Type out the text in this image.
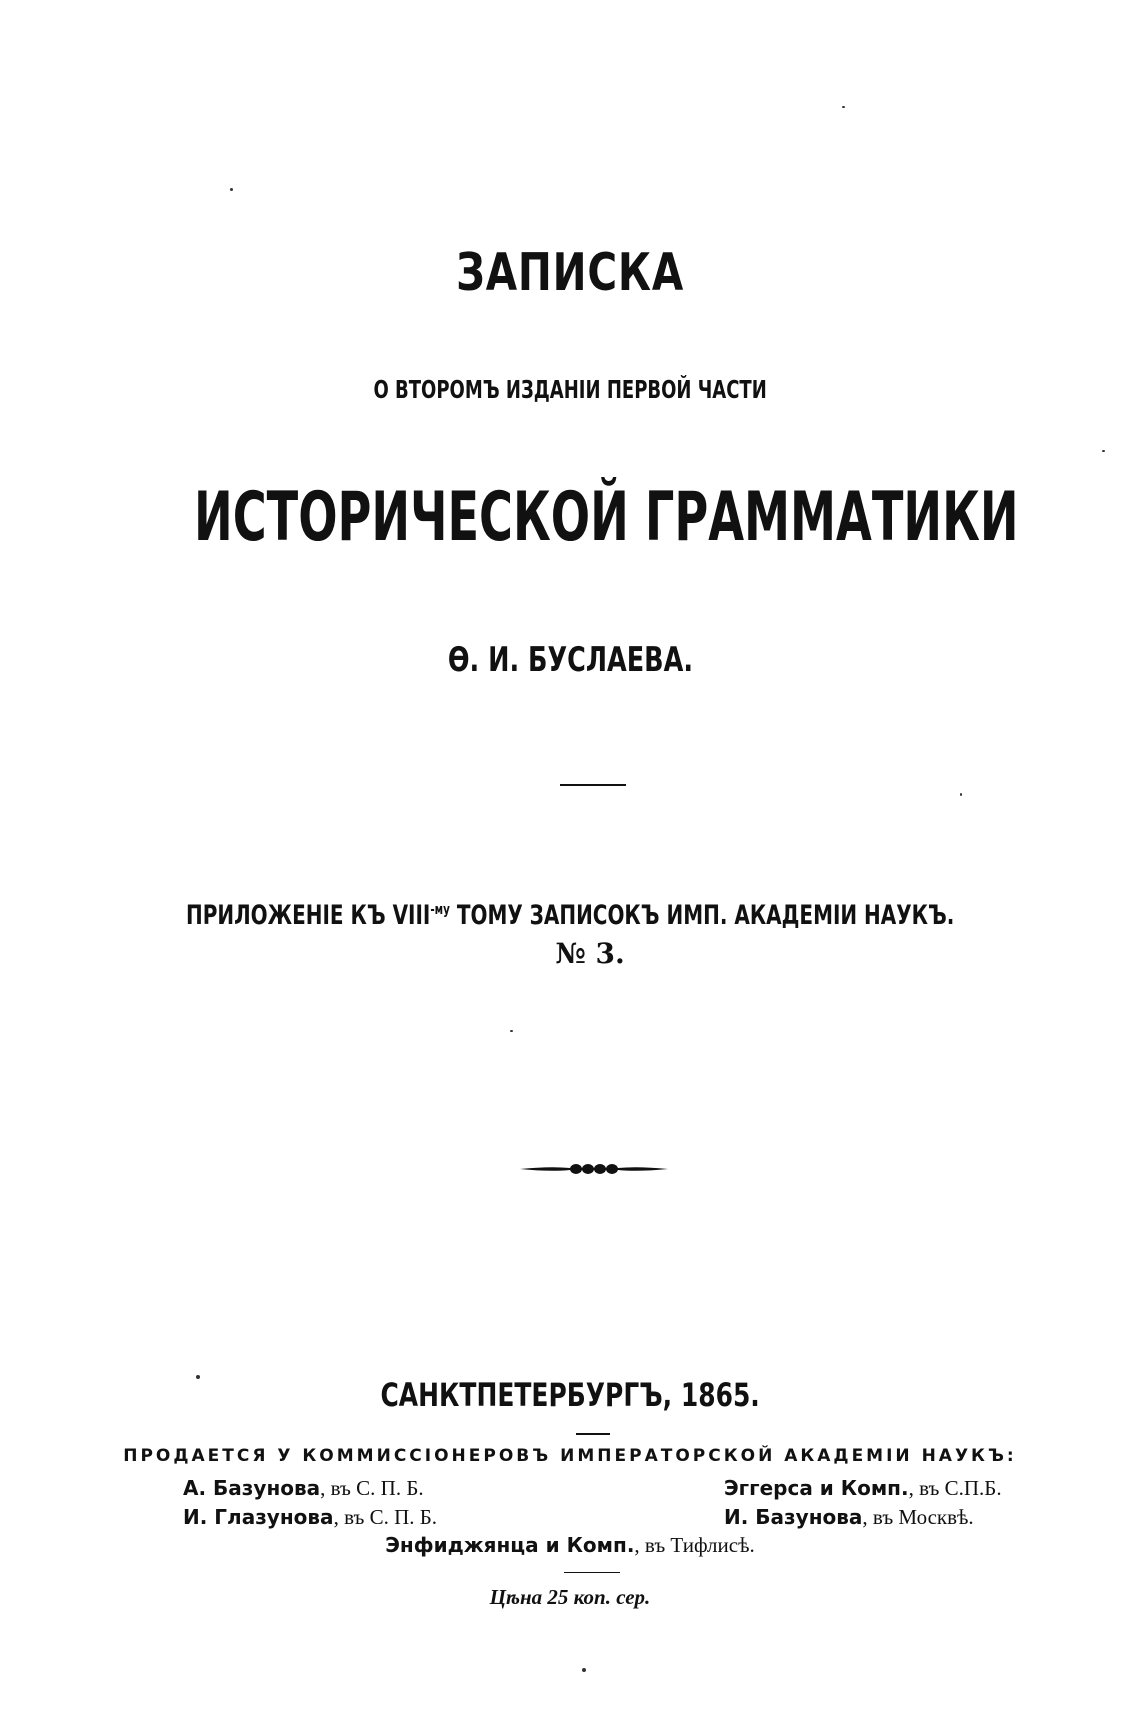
ЗАПИСКА
О ВТОРОМЪ ИЗДАНІИ ПЕРВОЙ ЧАСТИ
ИСТОРИЧЕСКОЙ ГРАММАТИКИ
Ѳ. И. БУСЛАЕВА.
ПРИЛОЖЕНІЕ КЪ $VIII^{-му}$ ТОМУ ЗАПИСОКЪ ИМП. АКАДЕМІИ НАУКЪ.
№ 3.
САНКТПЕТЕРБУРГЪ, 1865.
ПРОДАЕТСЯ У КОММИССІОНЕРОВЪ ИМПЕРАТОРСКОЙ АКАДЕМІИ НАУКЪ:
А. Базунова, въ С. П. Б.	Эггерса и Комп., въ С.П.Б.
И. Глазунова, въ С. П. Б.	И. Базунова, въ Москвѣ.
Энфиджянца и Комп., въ Тифлисѣ.
Цѣна 25 коп. сер.
